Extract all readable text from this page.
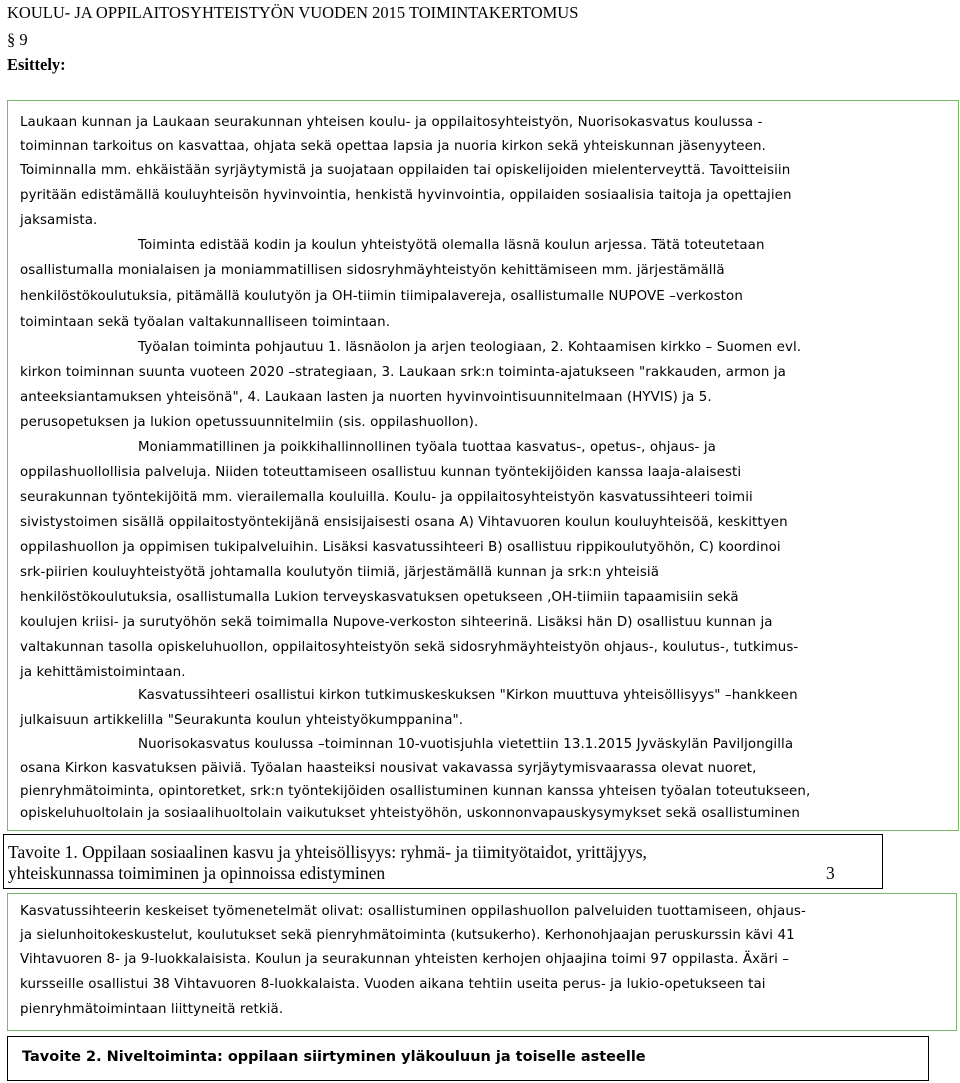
KOULU- JA OPPILAITOSYHTEISTYÖN VUODEN 2015 TOIMINTAKERTOMUS
§ 9
Esittely:
Laukaan kunnan ja Laukaan seurakunnan yhteisen koulu- ja oppilaitosyhteistyön, Nuorisokasvatus koulussa -
toiminnan tarkoitus on kasvattaa, ohjata sekä opettaa lapsia ja nuoria kirkon sekä yhteiskunnan jäsenyyteen.
Toiminnalla mm. ehkäistään syrjäytymistä ja suojataan oppilaiden tai opiskelijoiden mielenterveyttä. Tavoitteisiin
pyritään edistämällä kouluyhteisön hyvinvointia, henkistä hyvinvointia, oppilaiden sosiaalisia taitoja ja opettajien
jaksamista.
Toiminta edistää kodin ja koulun yhteistyötä olemalla läsnä koulun arjessa. Tätä toteutetaan
osallistumalla monialaisen ja moniammatillisen sidosryhmäyhteistyön kehittämiseen mm. järjestämällä
henkilöstökoulutuksia, pitämällä koulutyön ja OH-tiimin tiimipalavereja, osallistumalle NUPOVE –verkoston
toimintaan sekä työalan valtakunnalliseen toimintaan.
Työalan toiminta pohjautuu 1. läsnäolon ja arjen teologiaan, 2. Kohtaamisen kirkko – Suomen evl.
kirkon toiminnan suunta vuoteen 2020 –strategiaan, 3. Laukaan srk:n toiminta-ajatukseen "rakkauden, armon ja
anteeksiantamuksen yhteisönä", 4. Laukaan lasten ja nuorten hyvinvointisuunnitelmaan (HYVIS) ja 5.
perusopetuksen ja lukion opetussuunnitelmiin (sis. oppilashuollon).
Moniammatillinen ja poikkihallinnollinen työala tuottaa kasvatus-, opetus-, ohjaus- ja
oppilashuollollisia palveluja. Niiden toteuttamiseen osallistuu kunnan työntekijöiden kanssa laaja-alaisesti
seurakunnan työntekijöitä mm. vierailemalla kouluilla. Koulu- ja oppilaitosyhteistyön kasvatussihteeri toimii
sivistystoimen sisällä oppilaitostyöntekijänä ensisijaisesti osana A) Vihtavuoren koulun kouluyhteisöä, keskittyen
oppilashuollon ja oppimisen tukipalveluihin. Lisäksi kasvatussihteeri B) osallistuu rippikoulutyöhön, C) koordinoi
srk-piirien kouluyhteistyötä johtamalla koulutyön tiimiä, järjestämällä kunnan ja srk:n yhteisiä
henkilöstökoulutuksia, osallistumalla Lukion terveyskasvatuksen opetukseen ,OH-tiimiin tapaamisiin sekä
koulujen kriisi- ja surutyöhön sekä toimimalla Nupove-verkoston sihteerinä. Lisäksi hän D) osallistuu kunnan ja
valtakunnan tasolla opiskeluhuollon, oppilaitosyhteistyön sekä sidosryhmäyhteistyön ohjaus-, koulutus-, tutkimus-
ja kehittämistoimintaan.
Kasvatussihteeri osallistui kirkon tutkimuskeskuksen "Kirkon muuttuva yhteisöllisyys" –hankkeen
julkaisuun artikkelilla "Seurakunta koulun yhteistyökumppanina".
Nuorisokasvatus koulussa –toiminnan 10-vuotisjuhla vietettiin 13.1.2015 Jyväskylän Paviljongilla
osana Kirkon kasvatuksen päiviä. Työalan haasteiksi nousivat vakavassa syrjäytymisvaarassa olevat nuoret,
pienryhmätoiminta, opintoretket, srk:n työntekijöiden osallistuminen kunnan kanssa yhteisen työalan toteutukseen,
opiskeluhuoltolain ja sosiaalihuoltolain vaikutukset yhteistyöhön, uskonnonvapauskysymykset sekä osallistuminen
Tavoite 1. Oppilaan sosiaalinen kasvu ja yhteisöllisyys: ryhmä- ja tiimityötaidot, yrittäjyys,
yhteiskunnassa toimiminen ja opinnoissa edistyminen	3
Kasvatussihteerin keskeiset työmenetelmät olivat: osallistuminen oppilashuollon palveluiden tuottamiseen, ohjaus-
ja sielunhoitokeskustelut, koulutukset sekä pienryhmätoiminta (kutsukerho). Kerhonohjaajan peruskurssin kävi 41
Vihtavuoren 8- ja 9-luokkalaisista. Koulun ja seurakunnan yhteisten kerhojen ohjaajina toimi 97 oppilasta. Äxäri –
kursseille osallistui 38 Vihtavuoren 8-luokkalaista. Vuoden aikana tehtiin useita perus- ja lukio-opetukseen tai
pienryhmätoimintaan liittyneitä retkiä.
Tavoite 2. Niveltoiminta: oppilaan siirtyminen yläkouluun ja toiselle asteelle
